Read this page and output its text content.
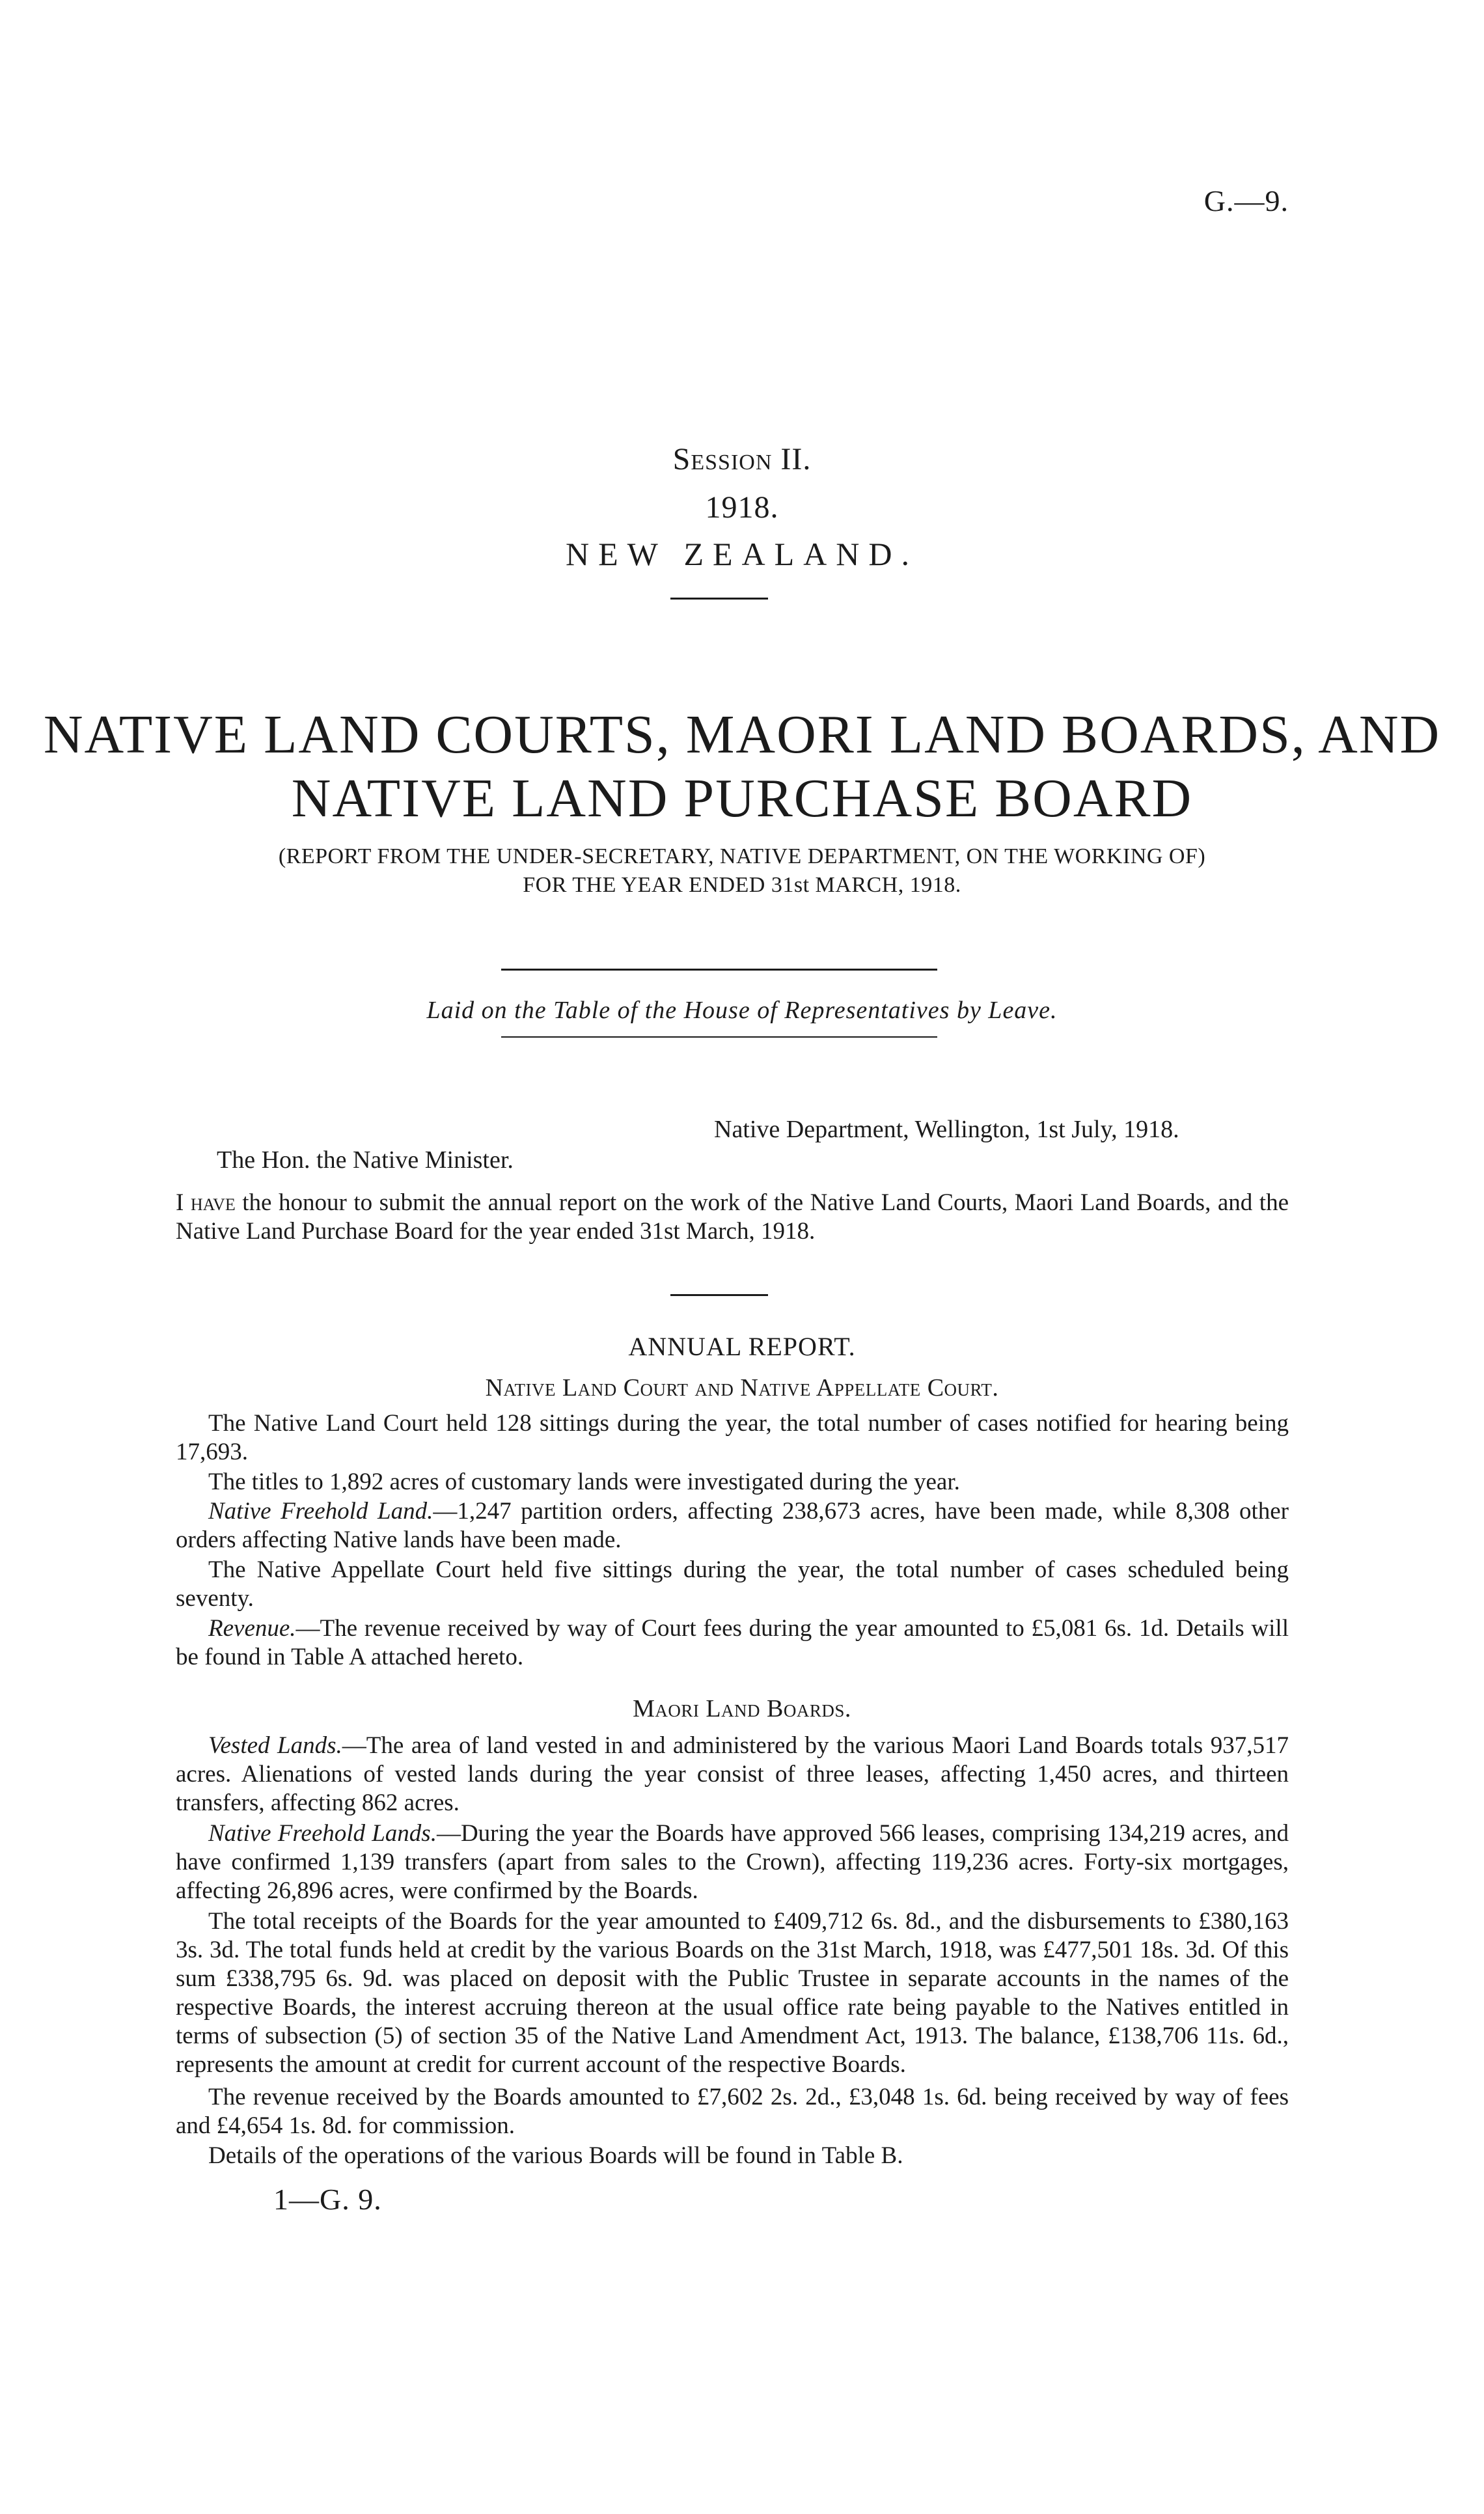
G.—9.
Session II.
1918.
NEW ZEALAND.
NATIVE LAND COURTS, MAORI LAND BOARDS, AND
NATIVE LAND PURCHASE BOARD
(REPORT FROM THE UNDER-SECRETARY, NATIVE DEPARTMENT, ON THE WORKING OF)
FOR THE YEAR ENDED 31st MARCH, 1918.
Laid on the Table of the House of Representatives by Leave.
Native Department, Wellington, 1st July, 1918.
The Hon. the Native Minister.
I have the honour to submit the annual report on the work of the Native Land Courts, Maori Land Boards, and the Native Land Purchase Board for the year ended 31st March, 1918.
ANNUAL REPORT.
Native Land Court and Native Appellate Court.
The Native Land Court held 128 sittings during the year, the total number of cases notified for hearing being 17,693.
The titles to 1,892 acres of customary lands were investigated during the year.
Native Freehold Land.—1,247 partition orders, affecting 238,673 acres, have been made, while 8,308 other orders affecting Native lands have been made.
The Native Appellate Court held five sittings during the year, the total number of cases scheduled being seventy.
Revenue.—The revenue received by way of Court fees during the year amounted to £5,081 6s. 1d. Details will be found in Table A attached hereto.
Maori Land Boards.
Vested Lands.—The area of land vested in and administered by the various Maori Land Boards totals 937,517 acres. Alienations of vested lands during the year consist of three leases, affecting 1,450 acres, and thirteen transfers, affecting 862 acres.
Native Freehold Lands.—During the year the Boards have approved 566 leases, comprising 134,219 acres, and have confirmed 1,139 transfers (apart from sales to the Crown), affecting 119,236 acres. Forty-six mortgages, affecting 26,896 acres, were confirmed by the Boards.
The total receipts of the Boards for the year amounted to £409,712 6s. 8d., and the disbursements to £380,163 3s. 3d. The total funds held at credit by the various Boards on the 31st March, 1918, was £477,501 18s. 3d. Of this sum £338,795 6s. 9d. was placed on deposit with the Public Trustee in separate accounts in the names of the respective Boards, the interest accruing thereon at the usual office rate being payable to the Natives entitled in terms of subsection (5) of section 35 of the Native Land Amendment Act, 1913. The balance, £138,706 11s. 6d., represents the amount at credit for current account of the respective Boards.
The revenue received by the Boards amounted to £7,602 2s. 2d., £3,048 1s. 6d. being received by way of fees and £4,654 1s. 8d. for commission.
Details of the operations of the various Boards will be found in Table B.
1—G. 9.
